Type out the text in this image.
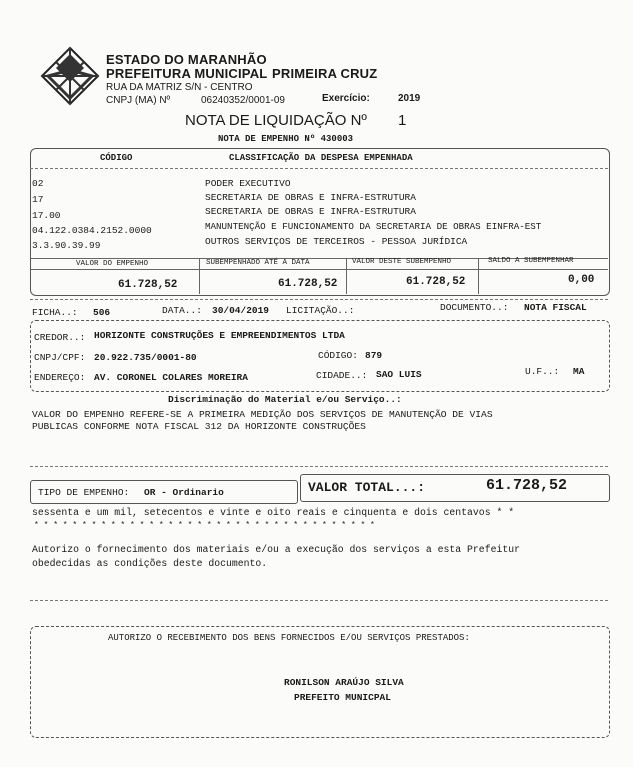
ESTADO DO MARANHÃO
PREFEITURA MUNICIPAL PRIMEIRA CRUZ
RUA DA MATRIZ S/N - CENTRO
CNPJ (MA) Nº	06240352/0001-09	Exercício:	2019
NOTA DE LIQUIDAÇÃO Nº 1
NOTA DE EMPENHO Nº 430003
CÓDIGO	CLASSIFICAÇÃO DA DESPESA EMPENHADA
02	PODER EXECUTIVO
17	SECRETARIA DE OBRAS E INFRA-ESTRUTURA
17.00	SECRETARIA DE OBRAS E INFRA-ESTRUTURA
04.122.0384.2152.0000	MANUNTENÇÃO E FUNCIONAMENTO DA SECRETARIA DE OBRAS EINFRA-EST
3.3.90.39.99	OUTROS SERVIÇOS DE TERCEIROS - PESSOA JURÍDICA
VALOR DO EMPENHO	SUBEMPENHADO ATÉ A DATA	VALOR DESTE SUBEMPENHO	SALDO A SUBEMPENHAR
61.728,52	61.728,52	61.728,52	0,00
FICHA..: 506	DATA..: 30/04/2019 LICITAÇÃO..:	DOCUMENTO..: NOTA FISCAL
CREDOR..: HORIZONTE CONSTRUÇÕES E EMPREENDIMENTOS LTDA
CNPJ/CPF: 20.922.735/0001-80	CÓDIGO: 879
ENDEREÇO: AV. CORONEL COLARES MOREIRA	CIDADE..: SAO LUIS	U.F..: MA
Discriminação do Material e/ou Serviço..:
VALOR DO EMPENHO REFERE-SE A PRIMEIRA MEDIÇÃO DOS SERVIÇOS DE MANUTENÇÃO DE VIAS
PUBLICAS CONFORME NOTA FISCAL 312 DA HORIZONTE CONSTRUÇÕES
TIPO DE EMPENHO: OR - Ordinario	VALOR TOTAL...:	61.728,52
sessenta e um mil, setecentos e vinte e oito reais e cinquenta e dois centavos * *
* * * * * * * * * * * * * * * * * * * * * * * * * * * * * * * * * * * *
Autorizo o fornecimento dos materiais e/ou a execução dos serviços a esta Prefeitur
obedecidas as condições deste documento.
AUTORIZO O RECEBIMENTO DOS BENS FORNECIDOS E/OU SERVIÇOS PRESTADOS:
RONILSON ARAÚJO SILVA
PREFEITO MUNICPAL
